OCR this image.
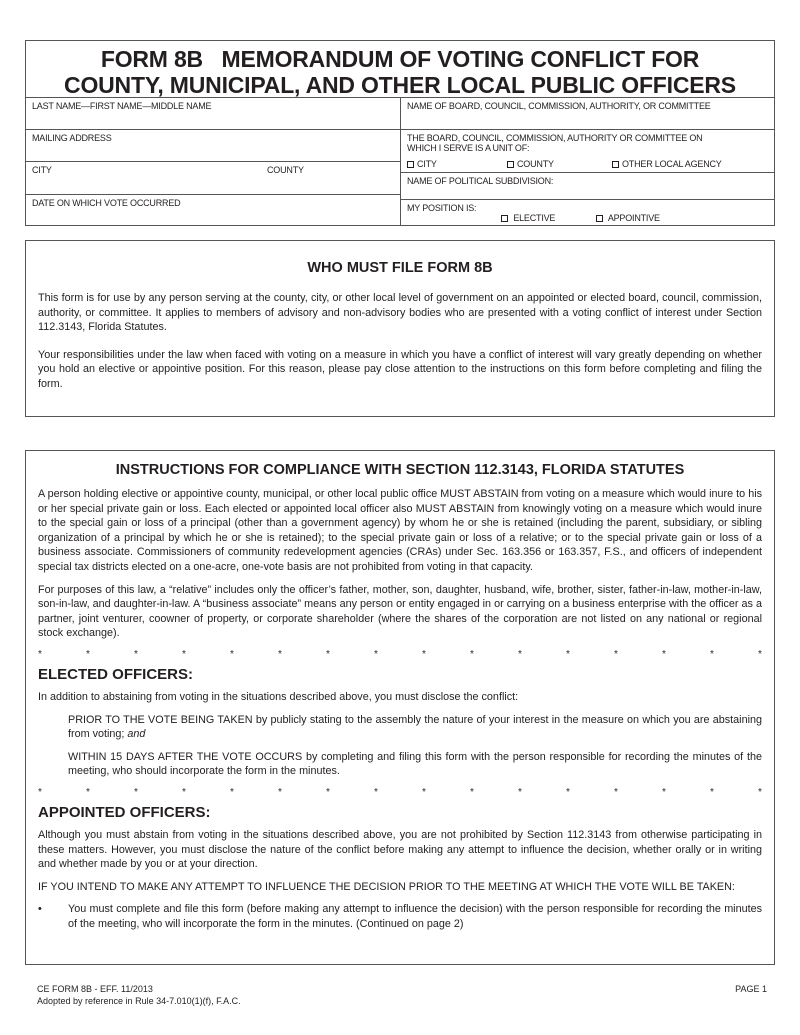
FORM 8B   MEMORANDUM OF VOTING CONFLICT FOR
COUNTY, MUNICIPAL, AND OTHER LOCAL PUBLIC OFFICERS
LAST NAME—FIRST NAME—MIDDLE NAME
MAILING ADDRESS
CITY	COUNTY
DATE ON WHICH VOTE OCCURRED
NAME OF BOARD, COUNCIL, COMMISSION, AUTHORITY, OR COMMITTEE
THE BOARD, COUNCIL, COMMISSION, AUTHORITY OR COMMITTEE ON WHICH I SERVE IS A UNIT OF:
CITY	COUNTY	OTHER LOCAL AGENCY
NAME OF POLITICAL SUBDIVISION:
MY POSITION IS:
ELECTIVE	APPOINTIVE
WHO MUST FILE FORM 8B

This form is for use by any person serving at the county, city, or other local level of government on an appointed or elected board, council, commission, authority, or committee. It applies to members of advisory and non-advisory bodies who are presented with a voting conflict of interest under Section 112.3143, Florida Statutes.

Your responsibilities under the law when faced with voting on a measure in which you have a conflict of interest will vary greatly depending on whether you hold an elective or appointive position. For this reason, please pay close attention to the instructions on this form before completing and filing the form.

INSTRUCTIONS FOR COMPLIANCE WITH SECTION 112.3143, FLORIDA STATUTES

A person holding elective or appointive county, municipal, or other local public office MUST ABSTAIN from voting on a measure which would inure to his or her special private gain or loss. Each elected or appointed local officer also MUST ABSTAIN from knowingly voting on a measure which would inure to the special gain or loss of a principal (other than a government agency) by whom he or she is retained (including the parent, subsidiary, or sibling organization of a principal by which he or she is retained); to the special private gain or loss of a relative; or to the special private gain or loss of a business associate. Commissioners of community redevelopment agencies (CRAs) under Sec. 163.356 or 163.357, F.S., and officers of independent special tax districts elected on a one-acre, one-vote basis are not prohibited from voting in that capacity.

For purposes of this law, a “relative” includes only the officer’s father, mother, son, daughter, husband, wife, brother, sister, father-in-law, mother-in-law, son-in-law, and daughter-in-law. A “business associate” means any person or entity engaged in or carrying on a business enterprise with the officer as a partner, joint venturer, coowner of property, or corporate shareholder (where the shares of the corporation are not listed on any national or regional stock exchange).

*	*	*	*	*	*	*	*	*	*	*	*	*	*	*	*
ELECTED OFFICERS:

In addition to abstaining from voting in the situations described above, you must disclose the conflict:

PRIOR TO THE VOTE BEING TAKEN by publicly stating to the assembly the nature of your interest in the measure on which you are abstaining from voting; and

WITHIN 15 DAYS AFTER THE VOTE OCCURS by completing and filing this form with the person responsible for recording the minutes of the meeting, who should incorporate the form in the minutes.

*	*	*	*	*	*	*	*	*	*	*	*	*	*	*	*
APPOINTED OFFICERS:

Although you must abstain from voting in the situations described above, you are not prohibited by Section 112.3143 from otherwise participating in these matters. However, you must disclose the nature of the conflict before making any attempt to influence the decision, whether orally or in writing and whether made by you or at your direction.

IF YOU INTEND TO MAKE ANY ATTEMPT TO INFLUENCE THE DECISION PRIOR TO THE MEETING AT WHICH THE VOTE WILL BE TAKEN:

• You must complete and file this form (before making any attempt to influence the decision) with the person responsible for recording the minutes of the meeting, who will incorporate the form in the minutes. (Continued on page 2)

CE FORM 8B - EFF. 11/2013
Adopted by reference in Rule 34-7.010(1)(f), F.A.C.
PAGE 1
